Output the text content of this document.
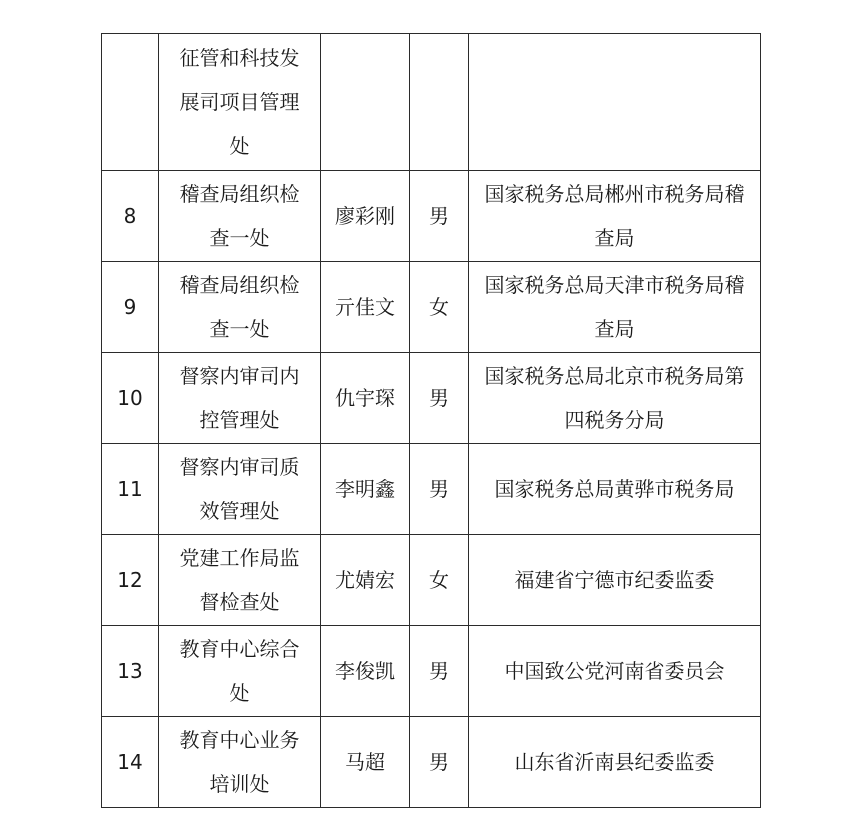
	征管和科技发展司项目管理处			
8	稽查局组织检查一处	廖彩刚	男	国家税务总局郴州市税务局稽查局
9	稽查局组织检查一处	亓佳文	女	国家税务总局天津市税务局稽查局
10	督察内审司内控管理处	仇宇琛	男	国家税务总局北京市税务局第四税务分局
11	督察内审司质效管理处	李明鑫	男	国家税务总局黄骅市税务局
12	党建工作局监督检查处	尤婧宏	女	福建省宁德市纪委监委
13	教育中心综合处	李俊凯	男	中国致公党河南省委员会
14	教育中心业务培训处	马超	男	山东省沂南县纪委监委
